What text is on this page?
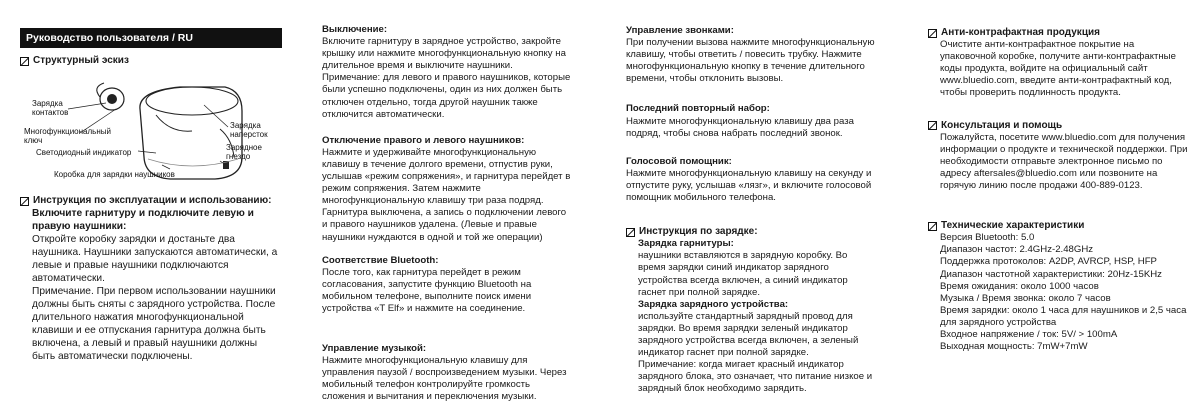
Руководство пользователя / RU
Структурный эскиз
Зарядка
контактов
Многофункциональный
ключ
Светодиодный индикатор
Коробка для зарядки наушников
Зарядка
наперсток
Зарядное
гнездо
Инструкция по эксплуатации и использованию:

Включите гарнитуру и подключите левую и правую наушники:

Откройте коробку зарядки и достаньте два наушника. Наушники запускаются автоматически, а левые и правые наушники подключаются автоматически.

Примечание. При первом использовании наушники должны быть сняты с зарядного устройства. После длительного нажатия многофункциональной клавиши и ее отпускания гарнитура должна быть включена, а левый и правый наушники должны быть автоматически подключены.

Выключение:

Включите гарнитуру в зарядное устройство, закройте крышку или нажмите многофункциональную кнопку на длительное время и выключите наушники.

Примечание: для левого и правого наушников, которые были успешно подключены, один из них должен быть отключен отдельно, тогда другой наушник также отключится автоматически.

Отключение правого и левого наушников:

Нажмите и удерживайте многофункциональную клавишу в течение долгого времени, отпустив руки, услышав «режим сопряжения», и гарнитура перейдет в режим сопряжения. Затем нажмите многофункциональную клавишу три раза подряд. Гарнитура выключена, а запись о подключении левого и правого наушников удалена. (Левые и правые наушники нуждаются в одной и той же операции)

Соответствие Bluetooth:

После того, как гарнитура перейдет в режим согласования, запустите функцию Bluetooth на мобильном телефоне, выполните поиск имени устройства «T Elf» и нажмите на соединение.

Управление музыкой:

Нажмите многофункциональную клавишу для управления паузой / воспроизведением музыки. Через мобильный телефон контролируйте громкость сложения и вычитания и переключения музыки.

Управление звонками:

При получении вызова нажмите многофункциональную клавишу, чтобы ответить / повесить трубку. Нажмите многофункциональную кнопку в течение длительного времени, чтобы отклонить вызовы.

Последний повторный набор:

Нажмите многофункциональную клавишу два раза подряд, чтобы снова набрать последний звонок.

Голосовой помощник:

Нажмите многофункциональную клавишу на секунду и отпустите руку, услышав «лязг», и включите голосовой помощник мобильного телефона.

Инструкция по зарядке:

Зарядка гарнитуры:

наушники вставляются в зарядную коробку. Во время зарядки синий индикатор зарядного устройства всегда включен, а синий индикатор гаснет при полной зарядке.

Зарядка зарядного устройства:

используйте стандартный зарядный провод для зарядки. Во время зарядки зеленый индикатор зарядного устройства всегда включен, а зеленый индикатор гаснет при полной зарядке.

Примечание: когда мигает красный индикатор зарядного блока, это означает, что питание низкое и зарядный блок необходимо зарядить.

Анти-контрафактная продукция

Очистите анти-контрафактное покрытие на упаковочной коробке, получите анти-контрафактные коды продукта, войдите на официальный сайт www.bluedio.com, введите анти-контрафактный код, чтобы проверить подлинность продукта.

Консультация и помощь

Пожалуйста, посетите www.bluedio.com для получения информации о продукте и технической поддержки. При необходимости отправьте электронное письмо по адресу aftersales@bluedio.com или позвоните на горячую линию после продажи 400-889-0123.

Технические характеристики

Версия Bluetooth: 5.0

Диапазон частот: 2.4GHz-2.48GHz

Поддержка протоколов: A2DP, AVRCP, HSP, HFP

Диапазон частотной характеристики: 20Hz-15KHz

Время ожидания: около 1000 часов

Музыка / Время звонка: около 7 часов

Время зарядки: около 1 часа для наушников и 2,5 часа для зарядного устройства

Входное напряжение / ток: 5V/ > 100mA

Выходная мощность: 7mW+7mW
